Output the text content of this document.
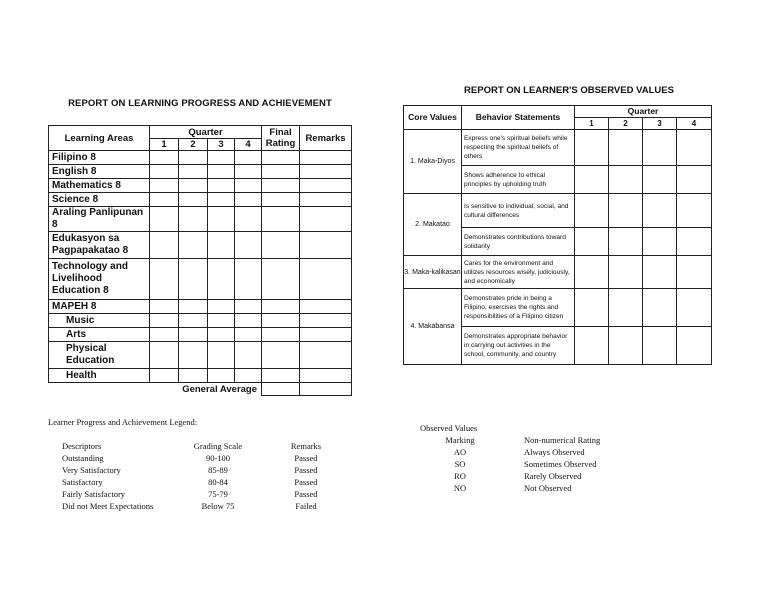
REPORT ON LEARNING PROGRESS AND ACHIEVEMENT
Learning Areas	Quarter				Final Rating	Remarks
	1	2	3	4		
Filipino 8						
English 8						
Mathematics 8						
Science 8						
Araling Panlipunan 8						
Edukasyon sa Pagpapakatao 8						
Technology and Livelihood Education 8						
MAPEH 8						
Music						
Arts						
Physical Education						
Health						
General Average						
REPORT ON LEARNER'S OBSERVED VALUES
Core Values	Behavior Statements	Quarter			
		1	2	3	4
1. Maka-Diyos	Express one's spiritual beliefs while respecting the spiritual beliefs of others				
	Shows adherence to ethical principles by upholding truth				
2. Makatao	Is sensitive to individual, social, and cultural differences				
	Demonstrates contributions toward solidarity				
3. Maka-kalikasan	Cares for the environment and utilizes resources wisely, judiciously, and economically				
4. Makabansa	Demonstrates pride in being a Filipino, exercises the rights and responsibilities of a Filipino citizen				
	Demonstrates appropriate behavior in carrying out activities in the school, community, and country				
Learner Progress and Achievement Legend:
Descriptors	Grading Scale	Remarks
Outstanding	90-100	Passed
Very Satisfactory	85-89	Passed
Satisfactory	80-84	Passed
Fairly Satisfactory	75-79	Passed
Did not Meet Expectations	Below 75	Failed
Observed Values
Marking	Non-numerical Rating
AO	Always Observed
SO	Sometimes Observed
RO	Rarely Observed
NO	Not Observed
